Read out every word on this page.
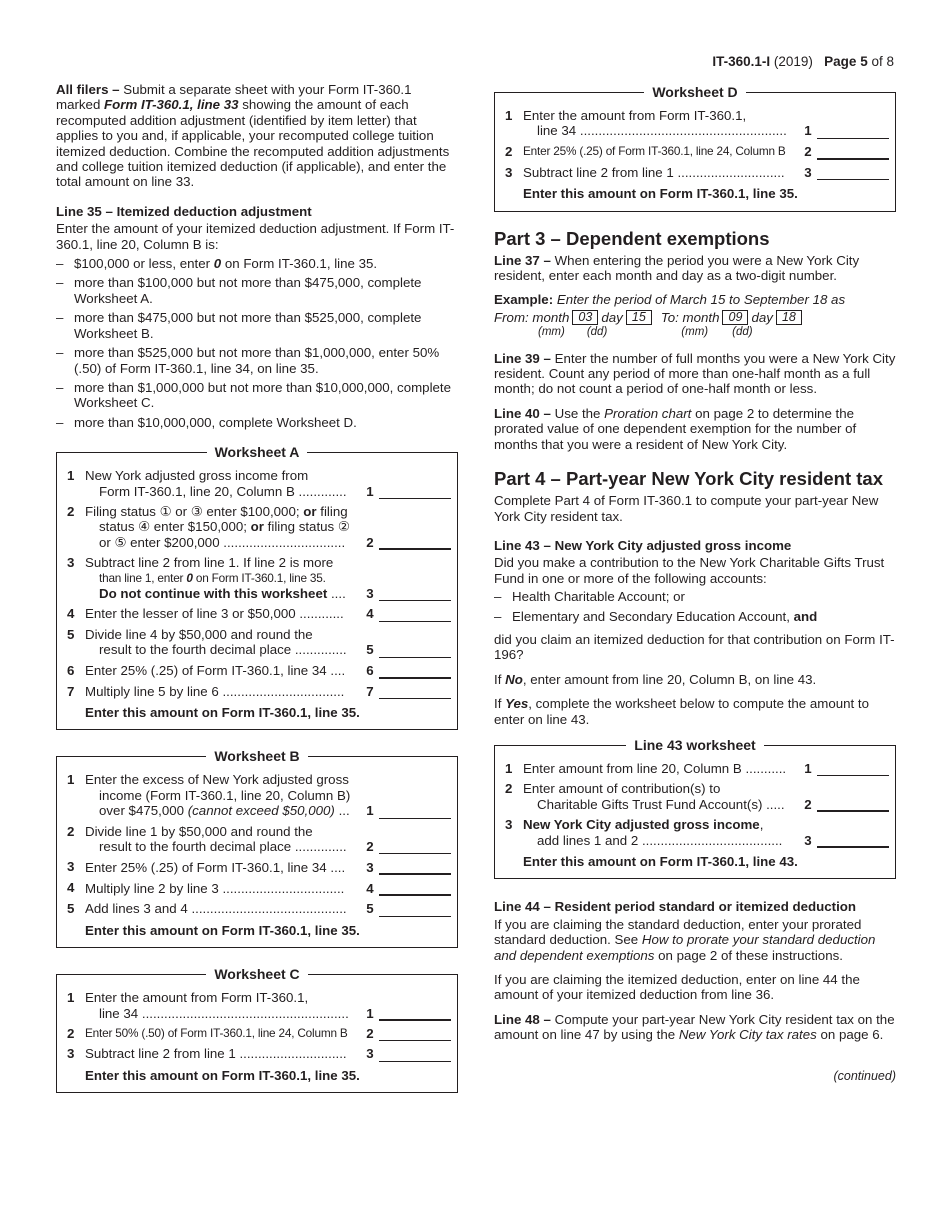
IT-360.1-I (2019) Page 5 of 8

All filers – Submit a separate sheet with your Form IT-360.1 marked Form IT-360.1, line 33 showing the amount of each recomputed addition adjustment (identified by item letter) that applies to you and, if applicable, your recomputed college tuition itemized deduction. Combine the recomputed addition adjustments and college tuition itemized deduction (if applicable), and enter the total amount on line 33.

Line 35 – Itemized deduction adjustment

Enter the amount of your itemized deduction adjustment. If Form IT-360.1, line 20, Column B is:

– $100,000 or less, enter 0 on Form IT-360.1, line 35.
– more than $100,000 but not more than $475,000, complete Worksheet A.
– more than $475,000 but not more than $525,000, complete Worksheet B.
– more than $525,000 but not more than $1,000,000, enter 50% (.50) of Form IT-360.1, line 34, on line 35.
– more than $1,000,000 but not more than $10,000,000, complete Worksheet C.
– more than $10,000,000, complete Worksheet D.
Worksheet A
1 New York adjusted gross income from
Form IT-360.1, line 20, Column B .............	1
2 Filing status ① or ③ enter $100,000; or filing
status ④ enter $150,000; or filing status ②
or ⑤ enter $200,000 .................................	2
3 Subtract line 2 from line 1. If line 2 is more
than line 1, enter 0 on Form IT-360.1, line 35.
Do not continue with this worksheet ....	3
4 Enter the lesser of line 3 or $50,000 ............	4
5 Divide line 4 by $50,000 and round the
result to the fourth decimal place ..............	5
6 Enter 25% (.25) of Form IT-360.1, line 34 ....	6
7 Multiply line 5 by line 6 .................................	7
Enter this amount on Form IT-360.1, line 35.
Worksheet B
1 Enter the excess of New York adjusted gross
income (Form IT-360.1, line 20, Column B)
over $475,000 (cannot exceed $50,000) ...	1
2 Divide line 1 by $50,000 and round the
result to the fourth decimal place ..............	2
3 Enter 25% (.25) of Form IT-360.1, line 34 ....	3
4 Multiply line 2 by line 3 .................................	4
5 Add lines 3 and 4 ..........................................	5
Enter this amount on Form IT-360.1, line 35.
Worksheet C
1 Enter the amount from Form IT-360.1,
line 34 ........................................................	1
2 Enter 50% (.50) of Form IT-360.1, line 24, Column B	2
3 Subtract line 2 from line 1 .............................	3
Enter this amount on Form IT-360.1, line 35.
Worksheet D
1 Enter the amount from Form IT-360.1,
line 34 ........................................................	1
2 Enter 25% (.25) of Form IT-360.1, line 24, Column B	2
3 Subtract line 2 from line 1 .............................	3
Enter this amount on Form IT-360.1, line 35.
Part 3 – Dependent exemptions

Line 37 – When entering the period you were a New York City resident, enter each month and day as a two-digit number.

Example: Enter the period of March 15 to September 18 as

From: month 03 day 15	To: month 09 day 18
(mm) (dd)	(mm) (dd)

Line 39 – Enter the number of full months you were a New York City resident. Count any period of more than one-half month as a full month; do not count a period of one-half month or less.

Line 40 – Use the Proration chart on page 2 to determine the prorated value of one dependent exemption for the number of months that you were a resident of New York City.

Part 4 – Part-year New York City resident tax

Complete Part 4 of Form IT-360.1 to compute your part-year New York City resident tax.

Line 43 – New York City adjusted gross income

Did you make a contribution to the New York Charitable Gifts Trust Fund in one or more of the following accounts:

– Health Charitable Account; or
– Elementary and Secondary Education Account, and

did you claim an itemized deduction for that contribution on Form IT-196?

If No, enter amount from line 20, Column B, on line 43.

If Yes, complete the worksheet below to compute the amount to enter on line 43.

Line 43 worksheet
1 Enter amount from line 20, Column B ...........	1
2 Enter amount of contribution(s) to
Charitable Gifts Trust Fund Account(s) .....	2
3 New York City adjusted gross income,
add lines 1 and 2 ......................................	3
Enter this amount on Form IT-360.1, line 43.
Line 44 – Resident period standard or itemized deduction

If you are claiming the standard deduction, enter your prorated standard deduction. See How to prorate your standard deduction and dependent exemptions on page 2 of these instructions.

If you are claiming the itemized deduction, enter on line 44 the amount of your itemized deduction from line 36.

Line 48 – Compute your part-year New York City resident tax on the amount on line 47 by using the New York City tax rates on page 6.

(continued)
